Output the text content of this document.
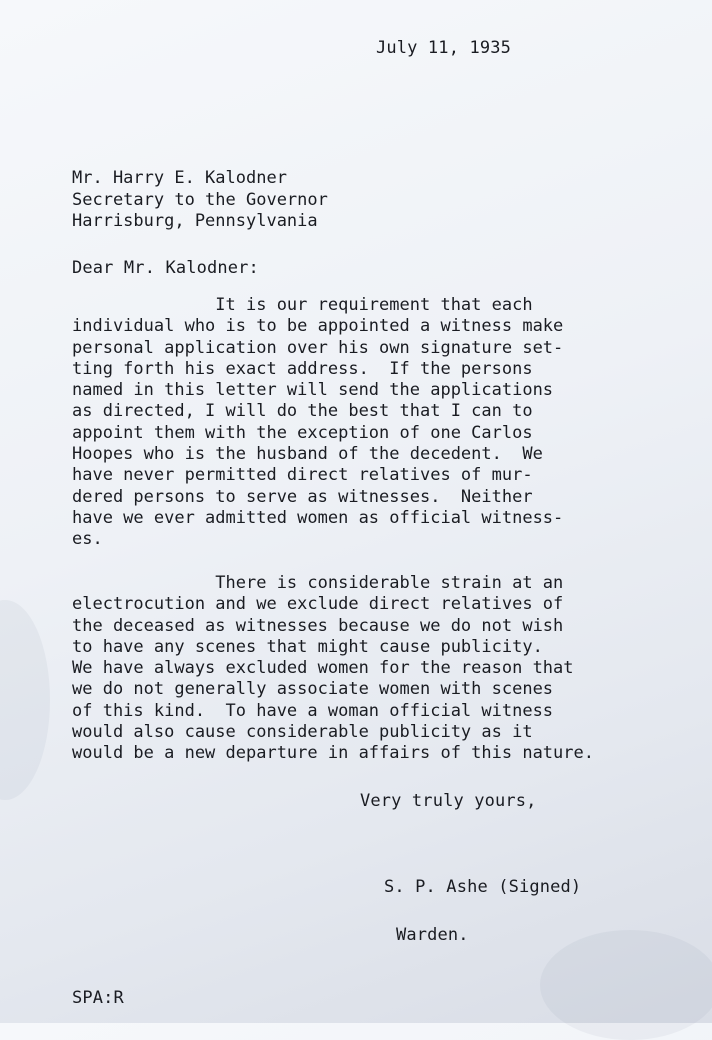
July 11, 1935
Mr. Harry E. Kalodner
Secretary to the Governor
Harrisburg, Pennsylvania
Dear Mr. Kalodner:
It is our requirement that each
individual who is to be appointed a witness make
personal application over his own signature set-
ting forth his exact address.  If the persons
named in this letter will send the applications
as directed, I will do the best that I can to
appoint them with the exception of one Carlos
Hoopes who is the husband of the decedent.  We
have never permitted direct relatives of mur-
dered persons to serve as witnesses.  Neither
have we ever admitted women as official witness-
es.
There is considerable strain at an
electrocution and we exclude direct relatives of
the deceased as witnesses because we do not wish
to have any scenes that might cause publicity.
We have always excluded women for the reason that
we do not generally associate women with scenes
of this kind.  To have a woman official witness
would also cause considerable publicity as it
would be a new departure in affairs of this nature.
Very truly yours,
S. P. Ashe (Signed)
Warden.
SPA:R
